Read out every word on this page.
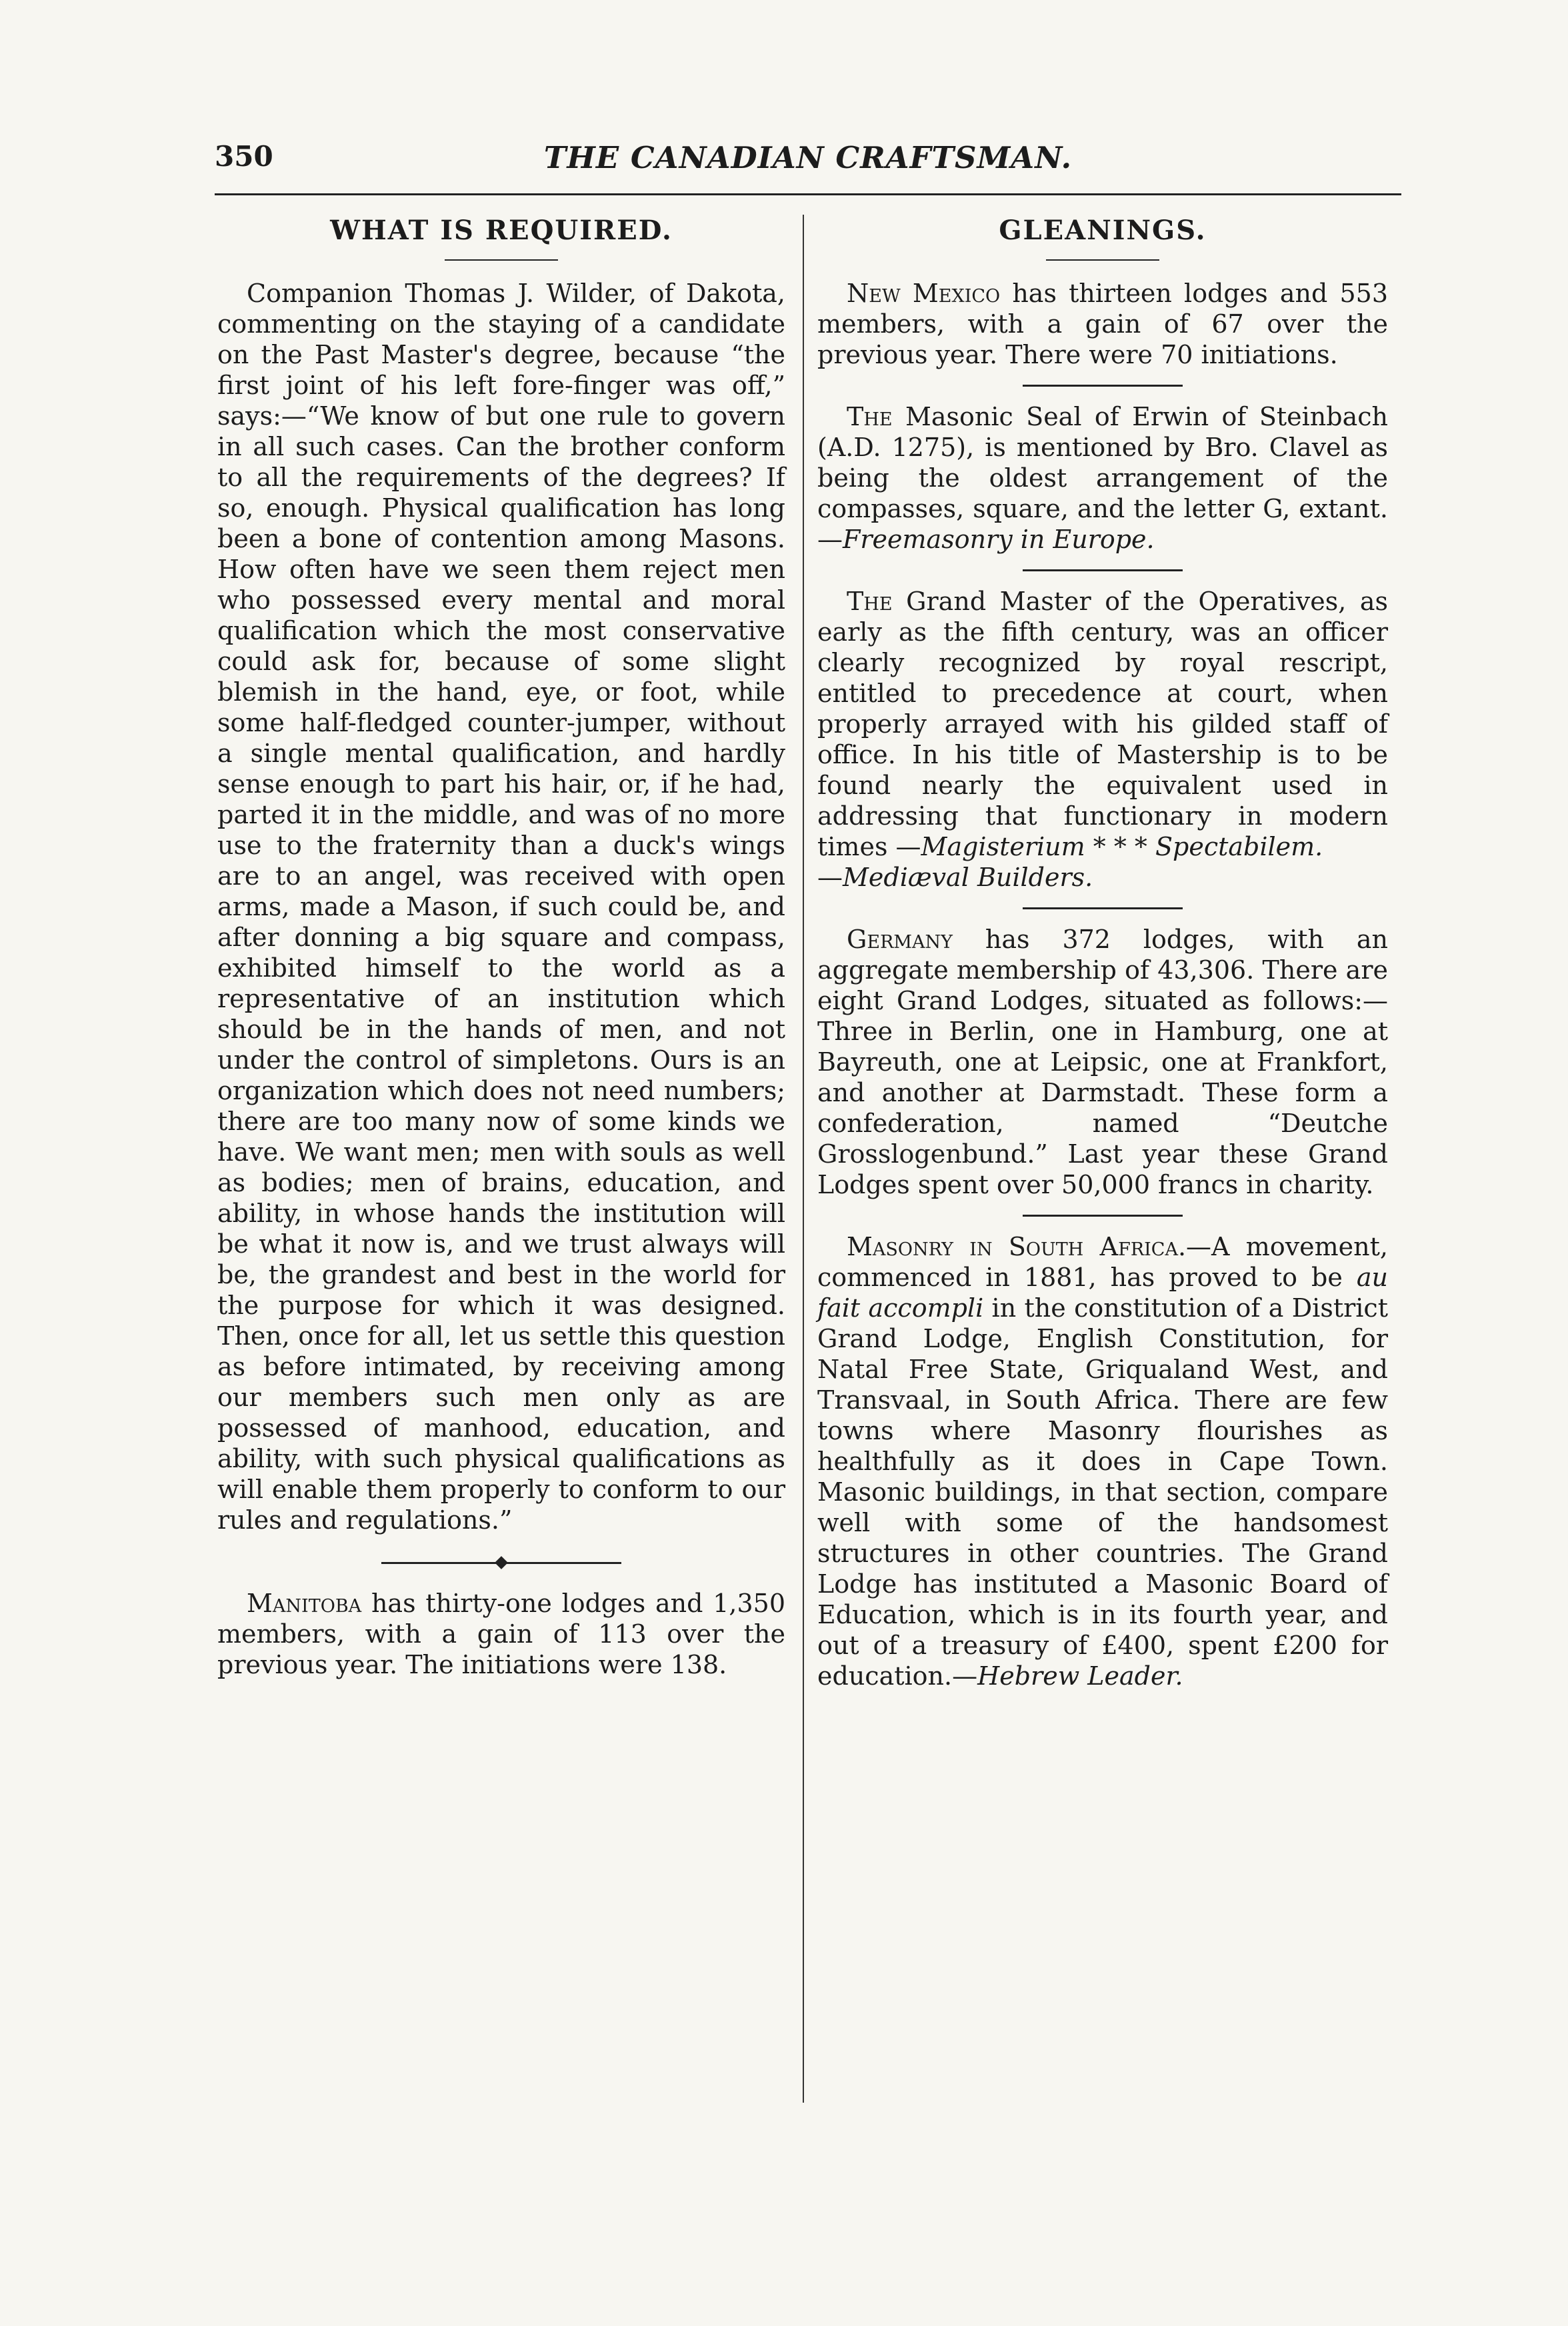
350	THE CANADIAN CRAFTSMAN.
WHAT IS REQUIRED.

Companion Thomas J. Wilder, of Dakota, commenting on the staying of a candidate on the Past Master's degree, because “the first joint of his left fore-finger was off,” says:—“We know of but one rule to govern in all such cases. Can the brother conform to all the requirements of the degrees? If so, enough. Physical qualification has long been a bone of contention among Masons. How often have we seen them reject men who possessed every mental and moral qualification which the most conservative could ask for, because of some slight blemish in the hand, eye, or foot, while some half-fledged counter-jumper, without a single mental qualification, and hardly sense enough to part his hair, or, if he had, parted it in the middle, and was of no more use to the fraternity than a duck's wings are to an angel, was received with open arms, made a Mason, if such could be, and after donning a big square and compass, exhibited himself to the world as a representative of an institution which should be in the hands of men, and not under the control of simpletons. Ours is an organization which does not need numbers; there are too many now of some kinds we have. We want men; men with souls as well as bodies; men of brains, education, and ability, in whose hands the institution will be what it now is, and we trust always will be, the grandest and best in the world for the purpose for which it was designed. Then, once for all, let us settle this question as before intimated, by receiving among our members such men only as are possessed of manhood, education, and ability, with such physical qualifications as will enable them properly to conform to our rules and regulations.”

Manitoba has thirty-one lodges and 1,350 members, with a gain of 113 over the previous year. The initiations were 138.

GLEANINGS.

New Mexico has thirteen lodges and 553 members, with a gain of 67 over the previous year. There were 70 initiations.

The Masonic Seal of Erwin of Steinbach (A.D. 1275), is mentioned by Bro. Clavel as being the oldest arrangement of the compasses, square, and the letter G, extant.—Freemasonry in Europe.

The Grand Master of the Operatives, as early as the fifth century, was an officer clearly recognized by royal rescript, entitled to precedence at court, when properly arrayed with his gilded staff of office. In his title of Mastership is to be found nearly the equivalent used in addressing that functionary in modern times —Magisterium * * * Spectabilem.
—Mediæval Builders.

Germany has 372 lodges, with an aggregate membership of 43,306. There are eight Grand Lodges, situated as follows:—Three in Berlin, one in Hamburg, one at Bayreuth, one at Leipsic, one at Frankfort, and another at Darmstadt. These form a confederation, named “Deutche Grosslogenbund.” Last year these Grand Lodges spent over 50,000 francs in charity.

Masonry in South Africa.—A movement, commenced in 1881, has proved to be au fait accompli in the constitution of a District Grand Lodge, English Constitution, for Natal Free State, Griqualand West, and Transvaal, in South Africa. There are few towns where Masonry flourishes as healthfully as it does in Cape Town. Masonic buildings, in that section, compare well with some of the handsomest structures in other countries. The Grand Lodge has instituted a Masonic Board of Education, which is in its fourth year, and out of a treasury of £400, spent £200 for education.—Hebrew Leader.
